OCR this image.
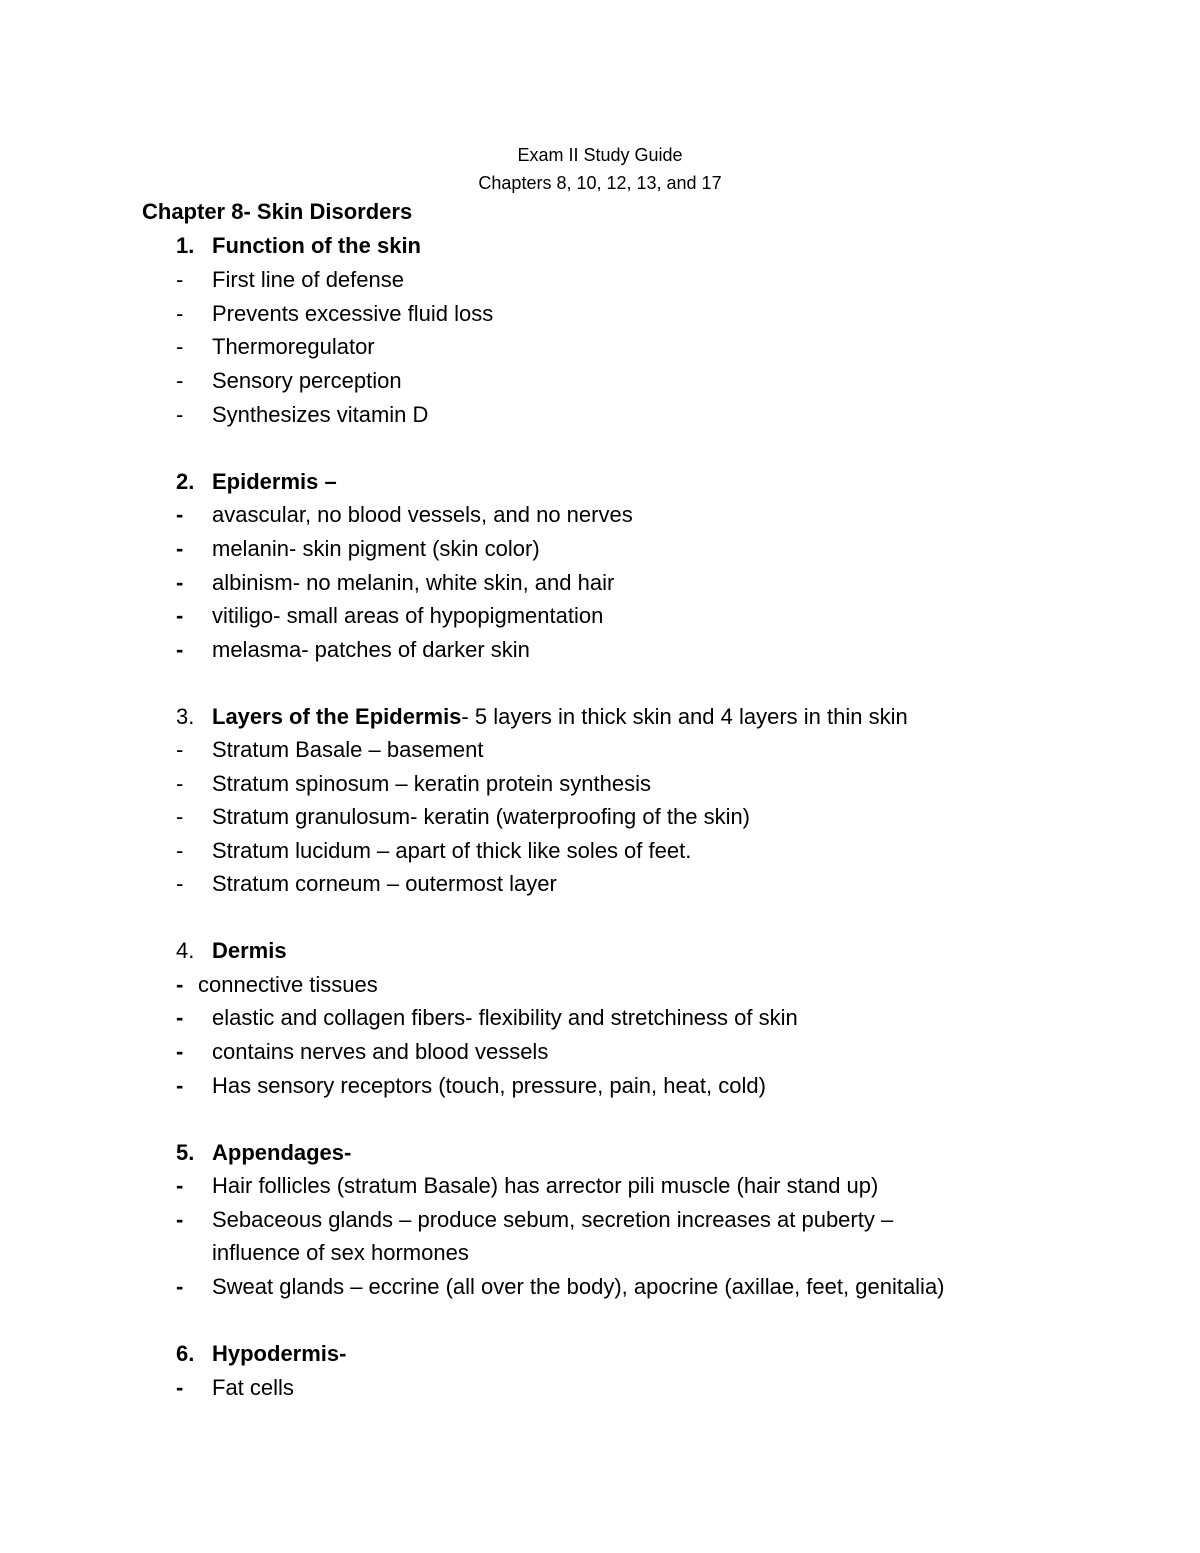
Exam II Study Guide
Chapters 8, 10, 12, 13, and 17
Chapter 8- Skin Disorders
1. Function of the skin
- First line of defense
- Prevents excessive fluid loss
- Thermoregulator
- Sensory perception
- Synthesizes vitamin D
2. Epidermis –
- avascular, no blood vessels, and no nerves
- melanin- skin pigment (skin color)
- albinism- no melanin, white skin, and hair
- vitiligo- small areas of hypopigmentation
- melasma- patches of darker skin
3. Layers of the Epidermis- 5 layers in thick skin and 4 layers in thin skin
- Stratum Basale – basement
- Stratum spinosum – keratin protein synthesis
- Stratum granulosum- keratin (waterproofing of the skin)
- Stratum lucidum – apart of thick like soles of feet.
- Stratum corneum – outermost layer
4. Dermis
- connective tissues
- elastic and collagen fibers- flexibility and stretchiness of skin
- contains nerves and blood vessels
- Has sensory receptors (touch, pressure, pain, heat, cold)
5. Appendages-
- Hair follicles (stratum Basale) has arrector pili muscle (hair stand up)
- Sebaceous glands – produce sebum, secretion increases at puberty –
influence of sex hormones
- Sweat glands – eccrine (all over the body), apocrine (axillae, feet, genitalia)
6. Hypodermis-
- Fat cells
